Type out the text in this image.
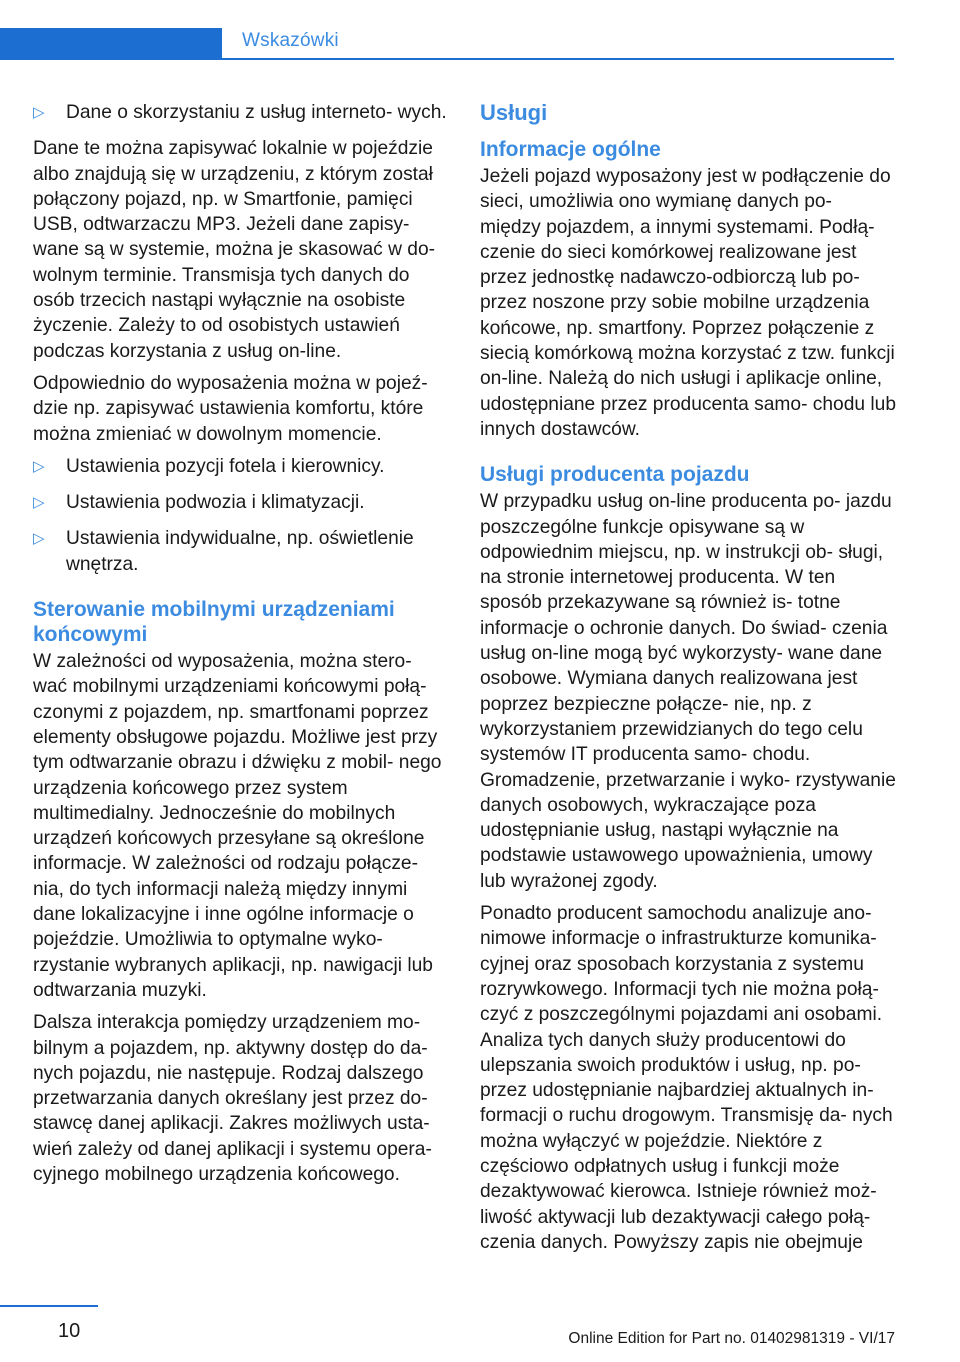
Wskazówki
▷ Dane o skorzystaniu z usług interneto‐ wych.

Dane te można zapisywać lokalnie w pojeździe albo znajdują się w urządzeniu, z którym został połączony pojazd, np. w Smartfonie, pamięci USB, odtwarzaczu MP3. Jeżeli dane zapisy‐ wane są w systemie, można je skasować w do‐ wolnym terminie. Transmisja tych danych do osób trzecich nastąpi wyłącznie na osobiste życzenie. Zależy to od osobistych ustawień podczas korzystania z usług on-line.

Odpowiednio do wyposażenia można w pojeź‐ dzie np. zapisywać ustawienia komfortu, które można zmieniać w dowolnym momencie.

▷ Ustawienia pozycji fotela i kierownicy.
▷ Ustawienia podwozia i klimatyzacji.
▷ Ustawienia indywidualne, np. oświetlenie wnętrza.
Sterowanie mobilnymi urządzeniami końcowymi

W zależności od wyposażenia, można stero‐ wać mobilnymi urządzeniami końcowymi połą‐ czonymi z pojazdem, np. smartfonami poprzez elementy obsługowe pojazdu. Możliwe jest przy tym odtwarzanie obrazu i dźwięku z mobil‐ nego urządzenia końcowego przez system multimedialny. Jednocześnie do mobilnych urządzeń końcowych przesyłane są określone informacje. W zależności od rodzaju połącze‐ nia, do tych informacji należą między innymi dane lokalizacyjne i inne ogólne informacje o pojeździe. Umożliwia to optymalne wyko‐ rzystanie wybranych aplikacji, np. nawigacji lub odtwarzania muzyki.

Dalsza interakcja pomiędzy urządzeniem mo‐ bilnym a pojazdem, np. aktywny dostęp do da‐ nych pojazdu, nie następuje. Rodzaj dalszego przetwarzania danych określany jest przez do‐ stawcę danej aplikacji. Zakres możliwych usta‐ wień zależy od danej aplikacji i systemu opera‐ cyjnego mobilnego urządzenia końcowego.

Usługi
Informacje ogólne

Jeżeli pojazd wyposażony jest w podłączenie do sieci, umożliwia ono wymianę danych po‐ między pojazdem, a innymi systemami. Podłą‐ czenie do sieci komórkowej realizowane jest przez jednostkę nadawczo-odbiorczą lub po‐ przez noszone przy sobie mobilne urządzenia końcowe, np. smartfony. Poprzez połączenie z siecią komórkową można korzystać z tzw. funkcji on-line. Należą do nich usługi i aplikacje online, udostępniane przez producenta samo‐ chodu lub innych dostawców.

Usługi producenta pojazdu

W przypadku usług on-line producenta po‐ jazdu poszczególne funkcje opisywane są w odpowiednim miejscu, np. w instrukcji ob‐ sługi, na stronie internetowej producenta. W ten sposób przekazywane są również is‐ totne informacje o ochronie danych. Do świad‐ czenia usług on-line mogą być wykorzysty‐ wane dane osobowe. Wymiana danych realizowana jest poprzez bezpieczne połącze‐ nie, np. z wykorzystaniem przewidzianych do tego celu systemów IT producenta samo‐ chodu. Gromadzenie, przetwarzanie i wyko‐ rzystywanie danych osobowych, wykraczające poza udostępnianie usług, nastąpi wyłącznie na podstawie ustawowego upoważnienia, umowy lub wyrażonej zgody.

Ponadto producent samochodu analizuje ano‐ nimowe informacje o infrastrukturze komunika‐ cyjnej oraz sposobach korzystania z systemu rozrywkowego. Informacji tych nie można połą‐ czyć z poszczególnymi pojazdami ani osobami. Analiza tych danych służy producentowi do ulepszania swoich produktów i usług, np. po‐ przez udostępnianie najbardziej aktualnych in‐ formacji o ruchu drogowym. Transmisję da‐ nych można wyłączyć w pojeździe. Niektóre z częściowo odpłatnych usług i funkcji może dezaktywować kierowca. Istnieje również moż‐ liwość aktywacji lub dezaktywacji całego połą‐ czenia danych. Powyższy zapis nie obejmuje

10	Online Edition for Part no. 01402981319 - VI/17
